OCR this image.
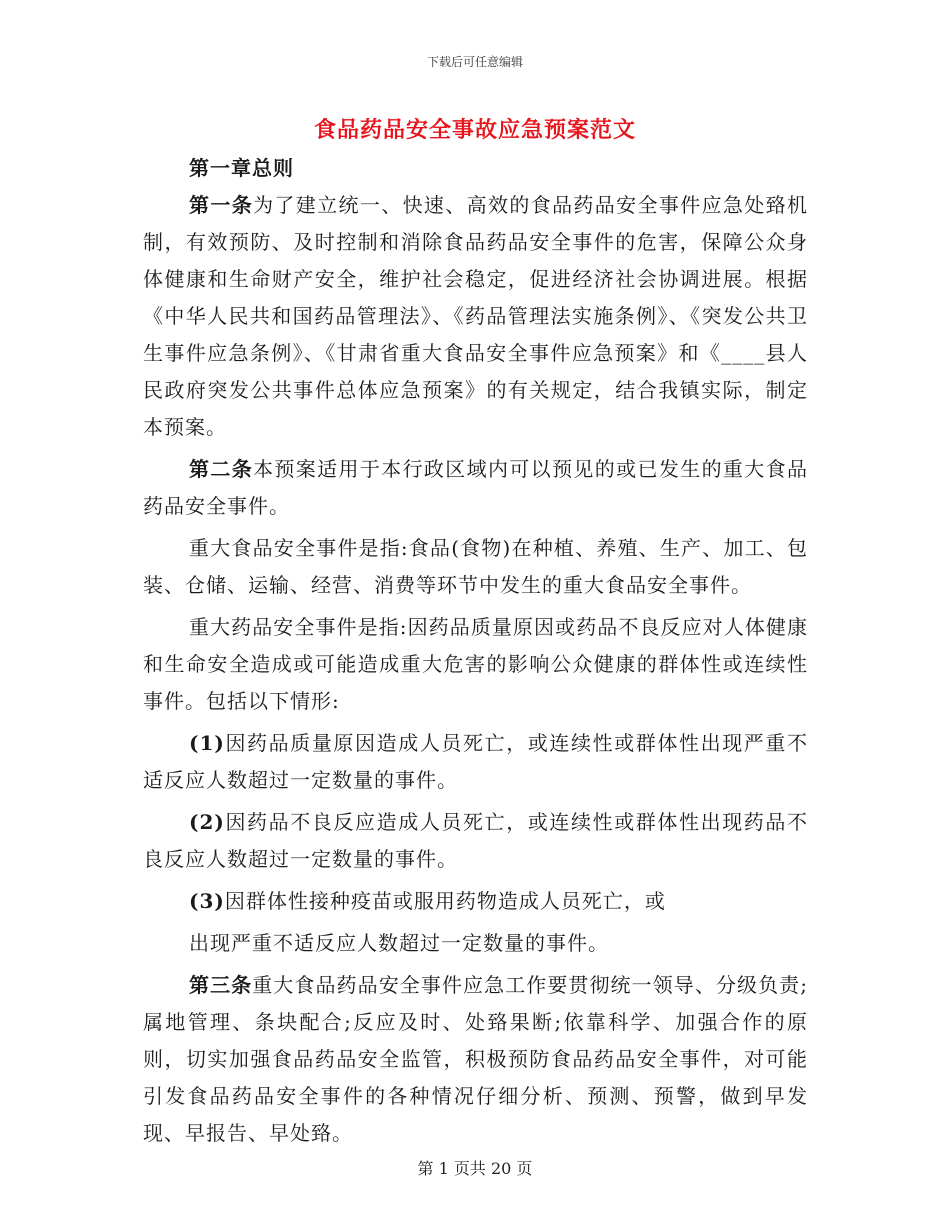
下载后可任意编辑
食品药品安全事故应急预案范文

第一章总则

第一条为了建立统一、快速、高效的食品药品安全事件应急处臵机制，有效预防、及时控制和消除食品药品安全事件的危害，保障公众身体健康和生命财产安全，维护社会稳定，促进经济社会协调进展。根据《中华人民共和国药品管理法》、《药品管理法实施条例》、《突发公共卫生事件应急条例》、《甘肃省重大食品安全事件应急预案》和《____县人民政府突发公共事件总体应急预案》的有关规定，结合我镇实际，制定本预案。

第二条本预案适用于本行政区域内可以预见的或已发生的重大食品药品安全事件。

重大食品安全事件是指:食品(食物)在种植、养殖、生产、加工、包装、仓储、运输、经营、消费等环节中发生的重大食品安全事件。

重大药品安全事件是指:因药品质量原因或药品不良反应对人体健康和生命安全造成或可能造成重大危害的影响公众健康的群体性或连续性事件。包括以下情形:

(1)因药品质量原因造成人员死亡，或连续性或群体性出现严重不适反应人数超过一定数量的事件。

(2)因药品不良反应造成人员死亡，或连续性或群体性出现药品不良反应人数超过一定数量的事件。

(3)因群体性接种疫苗或服用药物造成人员死亡，或

出现严重不适反应人数超过一定数量的事件。

第三条重大食品药品安全事件应急工作要贯彻统一领导、分级负责;属地管理、条块配合;反应及时、处臵果断;依靠科学、加强合作的原则，切实加强食品药品安全监管，积极预防食品药品安全事件，对可能引发食品药品安全事件的各种情况仔细分析、预测、预警，做到早发现、早报告、早处臵。

第 1 页共 20 页
